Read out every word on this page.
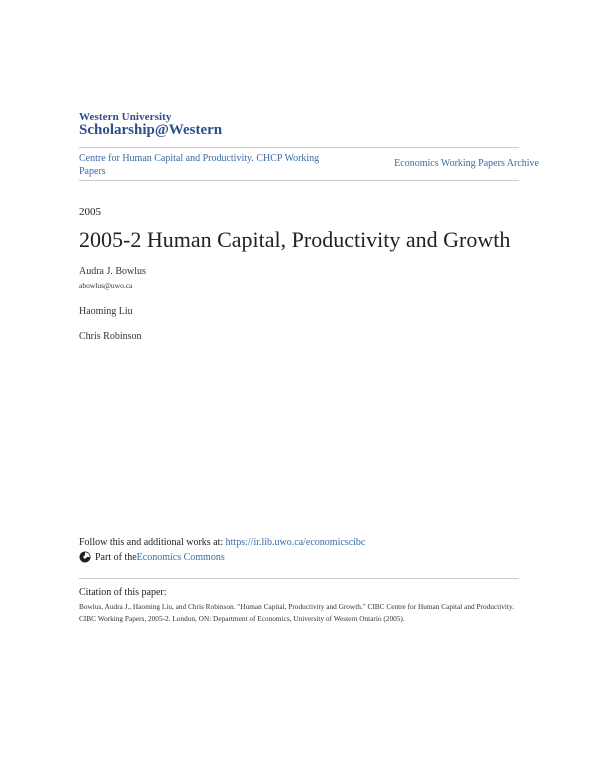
Western University
Scholarship@Western
Centre for Human Capital and Productivity. CHCP Working Papers
Economics Working Papers Archive
2005
2005-2 Human Capital, Productivity and Growth
Audra J. Bowlus
abowlus@uwo.ca
Haoming Liu
Chris Robinson
Follow this and additional works at: https://ir.lib.uwo.ca/economicscibc
Part of the Economics Commons
Citation of this paper:
Bowlus, Audra J., Haoming Liu, and Chris Robinson. "Human Capital, Productivity and Growth." CIBC Centre for Human Capital and Productivity. CIBC Working Papers, 2005-2. London, ON: Department of Economics, University of Western Ontario (2005).
